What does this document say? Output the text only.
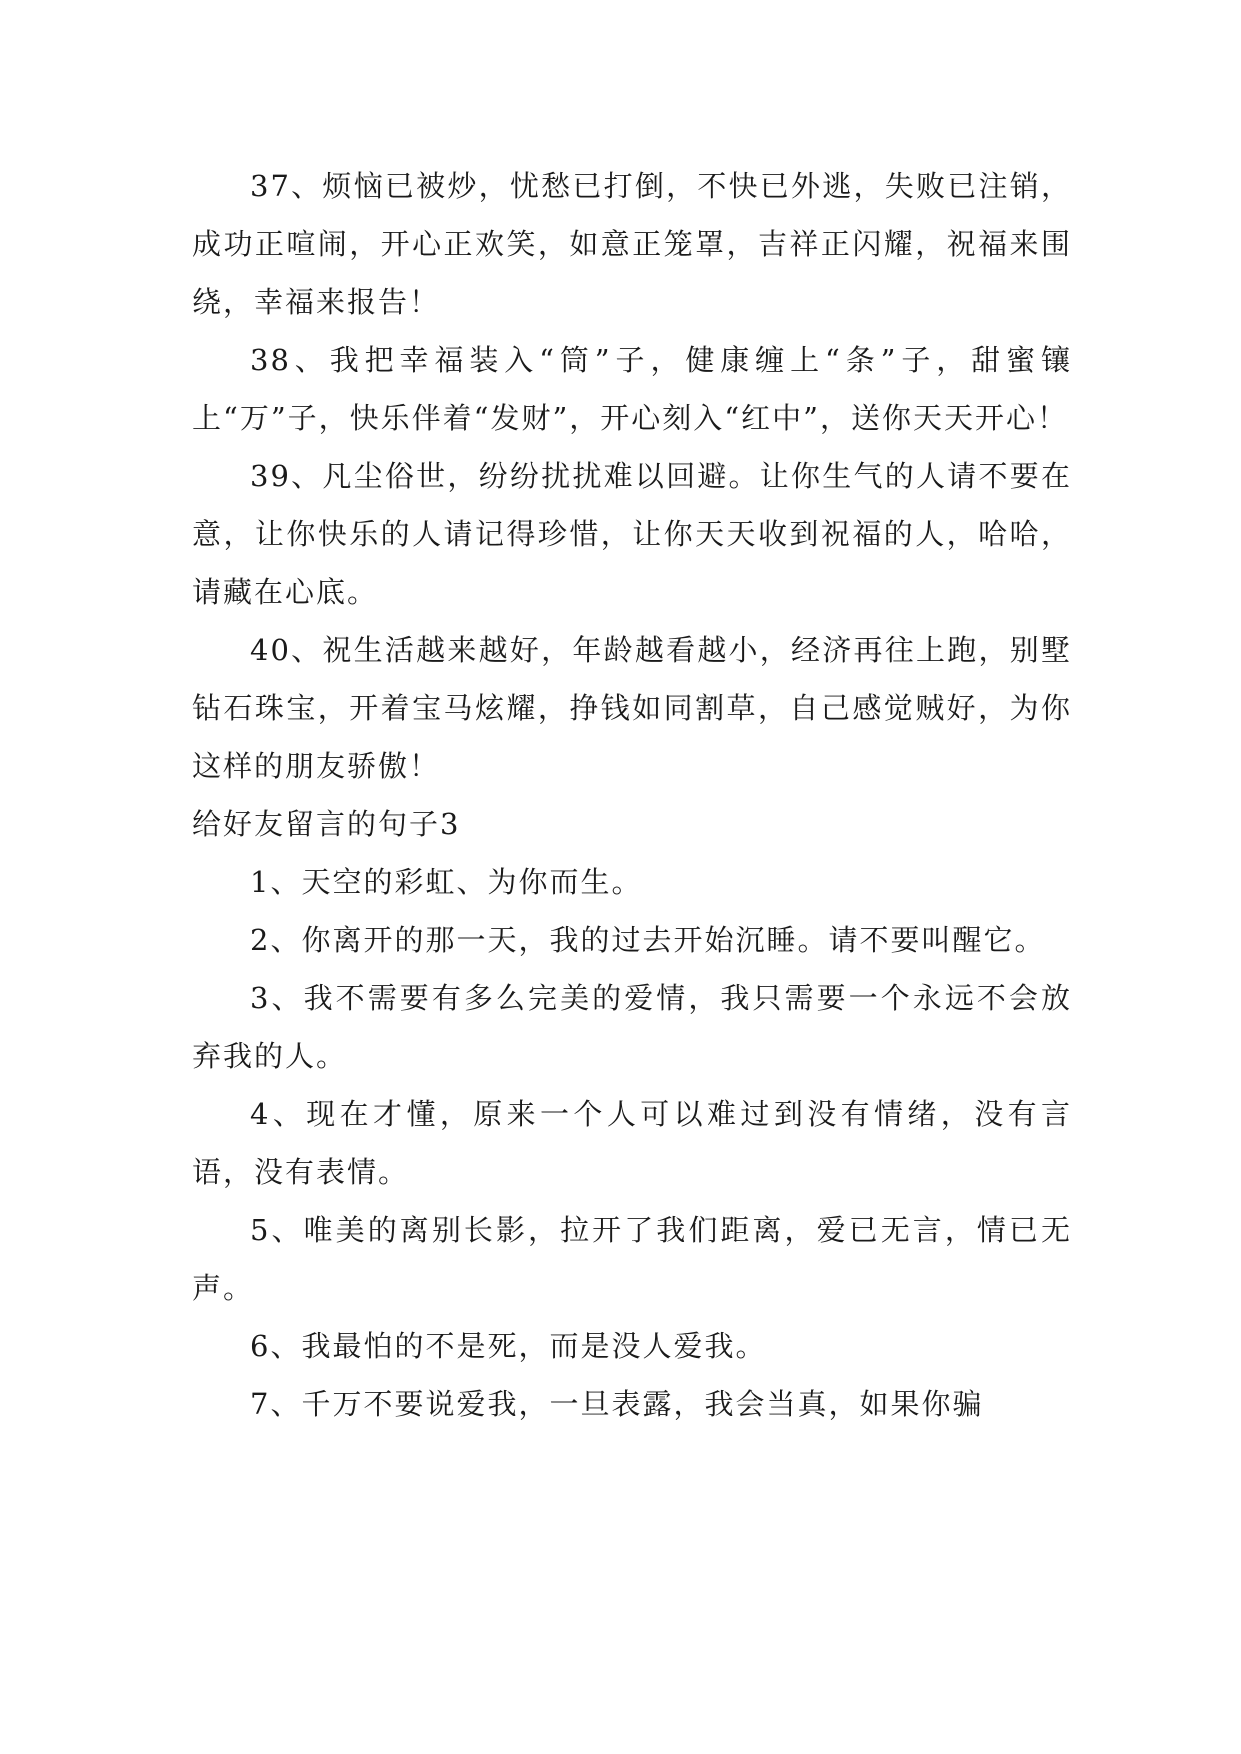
37、烦恼已被炒，忧愁已打倒，不快已外逃，失败已注销，成功正喧闹，开心正欢笑，如意正笼罩，吉祥正闪耀，祝福来围绕，幸福来报告！

38、我把幸福装入“筒”子，健康缠上“条”子，甜蜜镶上“万”子，快乐伴着“发财”，开心刻入“红中”，送你天天开心！

39、凡尘俗世，纷纷扰扰难以回避。让你生气的人请不要在意，让你快乐的人请记得珍惜，让你天天收到祝福的人，哈哈，请藏在心底。

40、祝生活越来越好，年龄越看越小，经济再往上跑，别墅钻石珠宝，开着宝马炫耀，挣钱如同割草，自己感觉贼好，为你这样的朋友骄傲！

给好友留言的句子3

1、天空的彩虹、为你而生。

2、你离开的那一天，我的过去开始沉睡。请不要叫醒它。

3、我不需要有多么完美的爱情，我只需要一个永远不会放弃我的人。

4、现在才懂，原来一个人可以难过到没有情绪，没有言语，没有表情。

5、唯美的离别长影，拉开了我们距离，爱已无言，情已无声。

6、我最怕的不是死，而是没人爱我。

7、千万不要说爱我，一旦表露，我会当真，如果你骗
